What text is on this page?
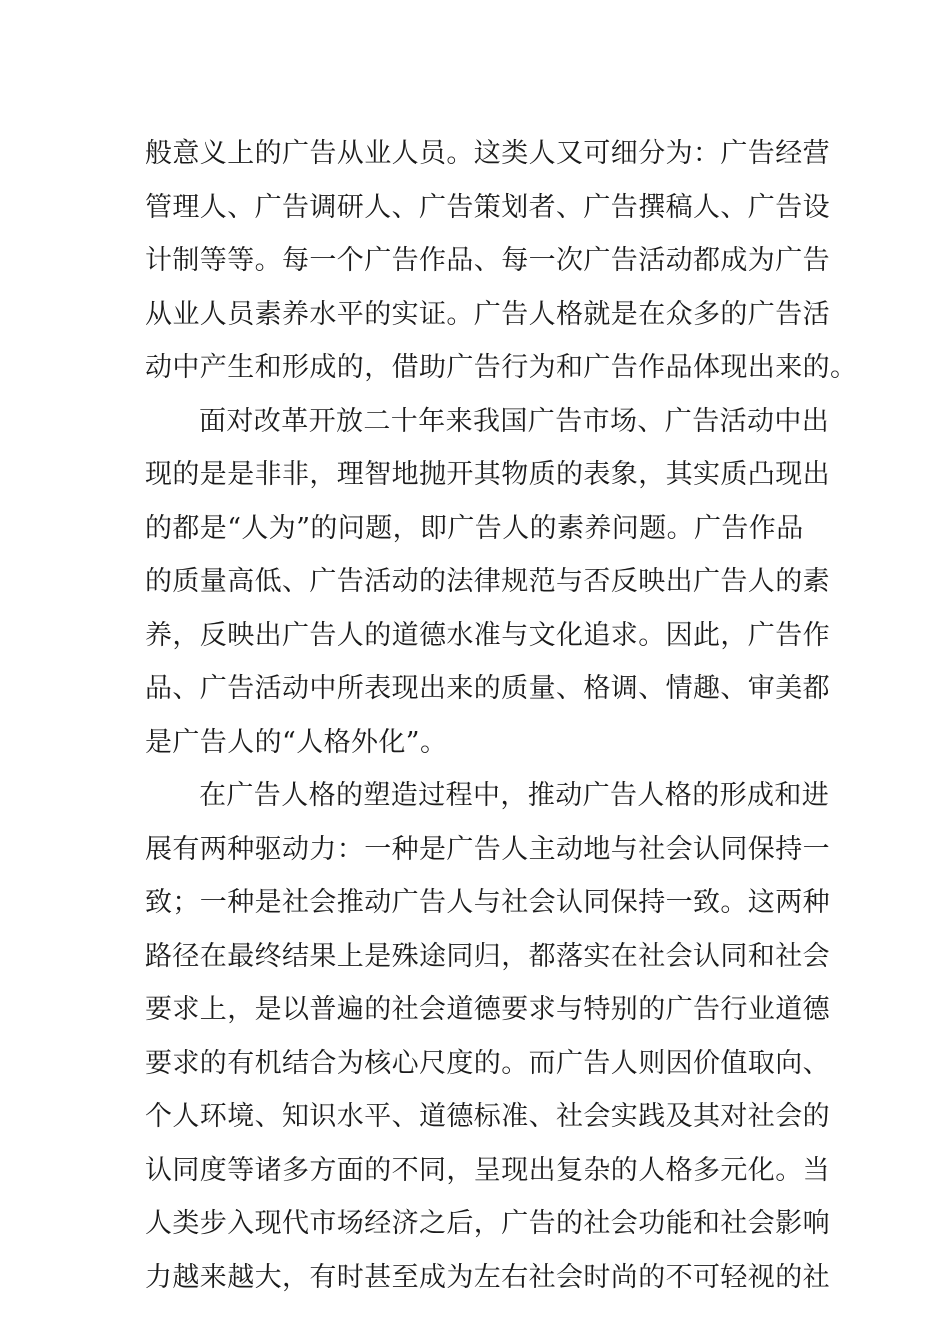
般意义上的广告从业人员。这类人又可细分为：广告经营
管理人、广告调研人、广告策划者、广告撰稿人、广告设
计制等等。每一个广告作品、每一次广告活动都成为广告
从业人员素养水平的实证。广告人格就是在众多的广告活
动中产生和形成的，借助广告行为和广告作品体现出来的。
面对改革开放二十年来我国广告市场、广告活动中出
现的是是非非，理智地抛开其物质的表象，其实质凸现出
的都是“人为”的问题，即广告人的素养问题。广告作品
的质量高低、广告活动的法律规范与否反映出广告人的素
养，反映出广告人的道德水准与文化追求。因此，广告作
品、广告活动中所表现出来的质量、格调、情趣、审美都
是广告人的“人格外化”。
在广告人格的塑造过程中，推动广告人格的形成和进
展有两种驱动力：一种是广告人主动地与社会认同保持一
致；一种是社会推动广告人与社会认同保持一致。这两种
路径在最终结果上是殊途同归，都落实在社会认同和社会
要求上，是以普遍的社会道德要求与特别的广告行业道德
要求的有机结合为核心尺度的。而广告人则因价值取向、
个人环境、知识水平、道德标准、社会实践及其对社会的
认同度等诸多方面的不同，呈现出复杂的人格多元化。当
人类步入现代市场经济之后，广告的社会功能和社会影响
力越来越大，有时甚至成为左右社会时尚的不可轻视的社
